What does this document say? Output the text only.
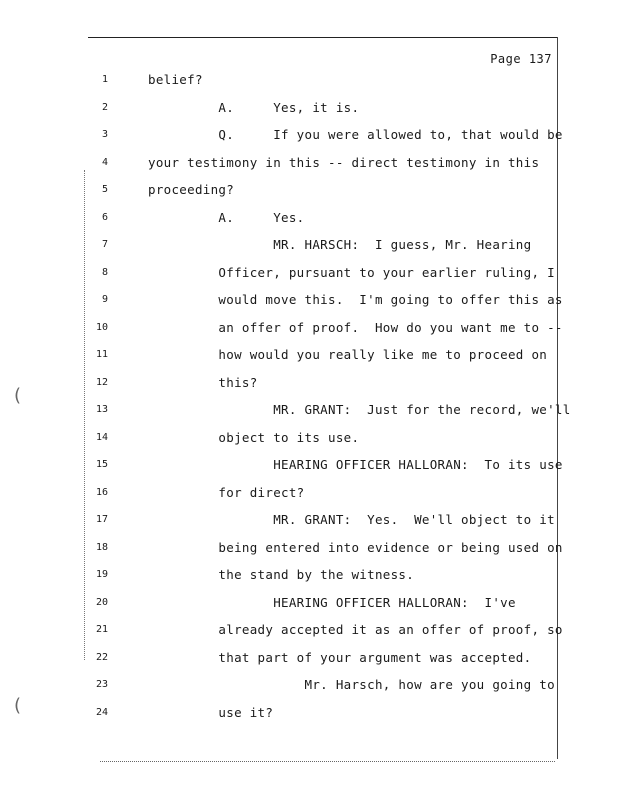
(
(
Page 137
1	belief?
2	A.     Yes, it is.
3	Q.     If you were allowed to, that would be
4	your testimony in this -- direct testimony in this
5	proceeding?
6	A.     Yes.
7	MR. HARSCH:  I guess, Mr. Hearing
8	Officer, pursuant to your earlier ruling, I
9	would move this.  I'm going to offer this as
10	an offer of proof.  How do you want me to --
11	how would you really like me to proceed on
12	this?
13	MR. GRANT:  Just for the record, we'll
14	object to its use.
15	HEARING OFFICER HALLORAN:  To its use
16	for direct?
17	MR. GRANT:  Yes.  We'll object to it
18	being entered into evidence or being used on
19	the stand by the witness.
20	HEARING OFFICER HALLORAN:  I've
21	already accepted it as an offer of proof, so
22	that part of your argument was accepted.
23	Mr. Harsch, how are you going to
24	use it?
